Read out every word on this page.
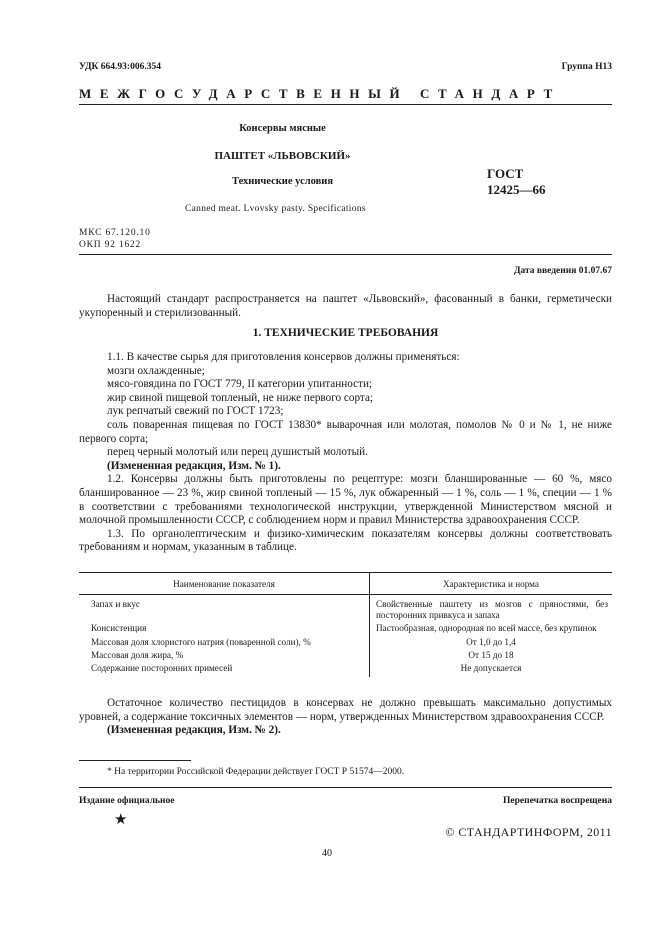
УДК 664.93:006.354	Группа Н13
МЕЖГОСУДАРСТВЕННЫЙ СТАНДАРТ
Консервы мясные
ПАШТЕТ «ЛЬВОВСКИЙ»
Технические условия
Canned meat. Lvovsky pasty. Specifications
ГОСТ
12425—66
МКС 67.120.10
ОКП 92 1622
Дата введения 01.07.67

Настоящий стандарт распространяется на паштет «Львовский», фасованный в банки, герметически укупоренный и стерилизованный.

1. ТЕХНИЧЕСКИЕ ТРЕБОВАНИЯ

1.1. В качестве сырья для приготовления консервов должны применяться:

мозги охлажденные;

мясо-говядина по ГОСТ 779, II категории упитанности;

жир свиной пищевой топленый, не ниже первого сорта;

лук репчатый свежий по ГОСТ 1723;

соль поваренная пищевая по ГОСТ 13830* выварочная или молотая, помолов № 0 и № 1, не ниже первого сорта;

перец черный молотый или перец душистый молотый.

(Измененная редакция, Изм. № 1).

1.2. Консервы должны быть приготовлены по рецептуре: мозги бланшированные — 60 %, мясо бланшированное — 23 %, жир свиной топленый — 15 %, лук обжаренный — 1 %, соль — 1 %, специи — 1 % в соответствии с требованиями технологической инструкции, утвержденной Министерством мясной и молочной промышленности СССР, с соблюдением норм и правил Министерства здравоохранения СССР.

1.3. По органолептическим и физико-химическим показателям консервы должны соответствовать требованиям и нормам, указанным в таблице.

Наименование показателя	Характеристика и норма
Запах и вкус	Свойственные паштету из мозгов с пряностями, без посторонних привкуса и запаха
Консистенция	Пастообразная, однородная по всей массе, без крупинок
Массовая доля хлористого натрия (поваренной соли), %	От 1,0 до 1,4
Массовая доля жира, %	От 15 до 18
Содержание посторонних примесей	Не допускается

Остаточное количество пестицидов в консервах не должно превышать максимально допустимых уровней, а содержание токсичных элементов — норм, утвержденных Министерством здравоохранения СССР.

(Измененная редакция, Изм. № 2).

* На территории Российской Федерации действует ГОСТ Р 51574—2000.
Издание официальное	Перепечатка воспрещена
★
© СТАНДАРТИНФОРМ, 2011
40
